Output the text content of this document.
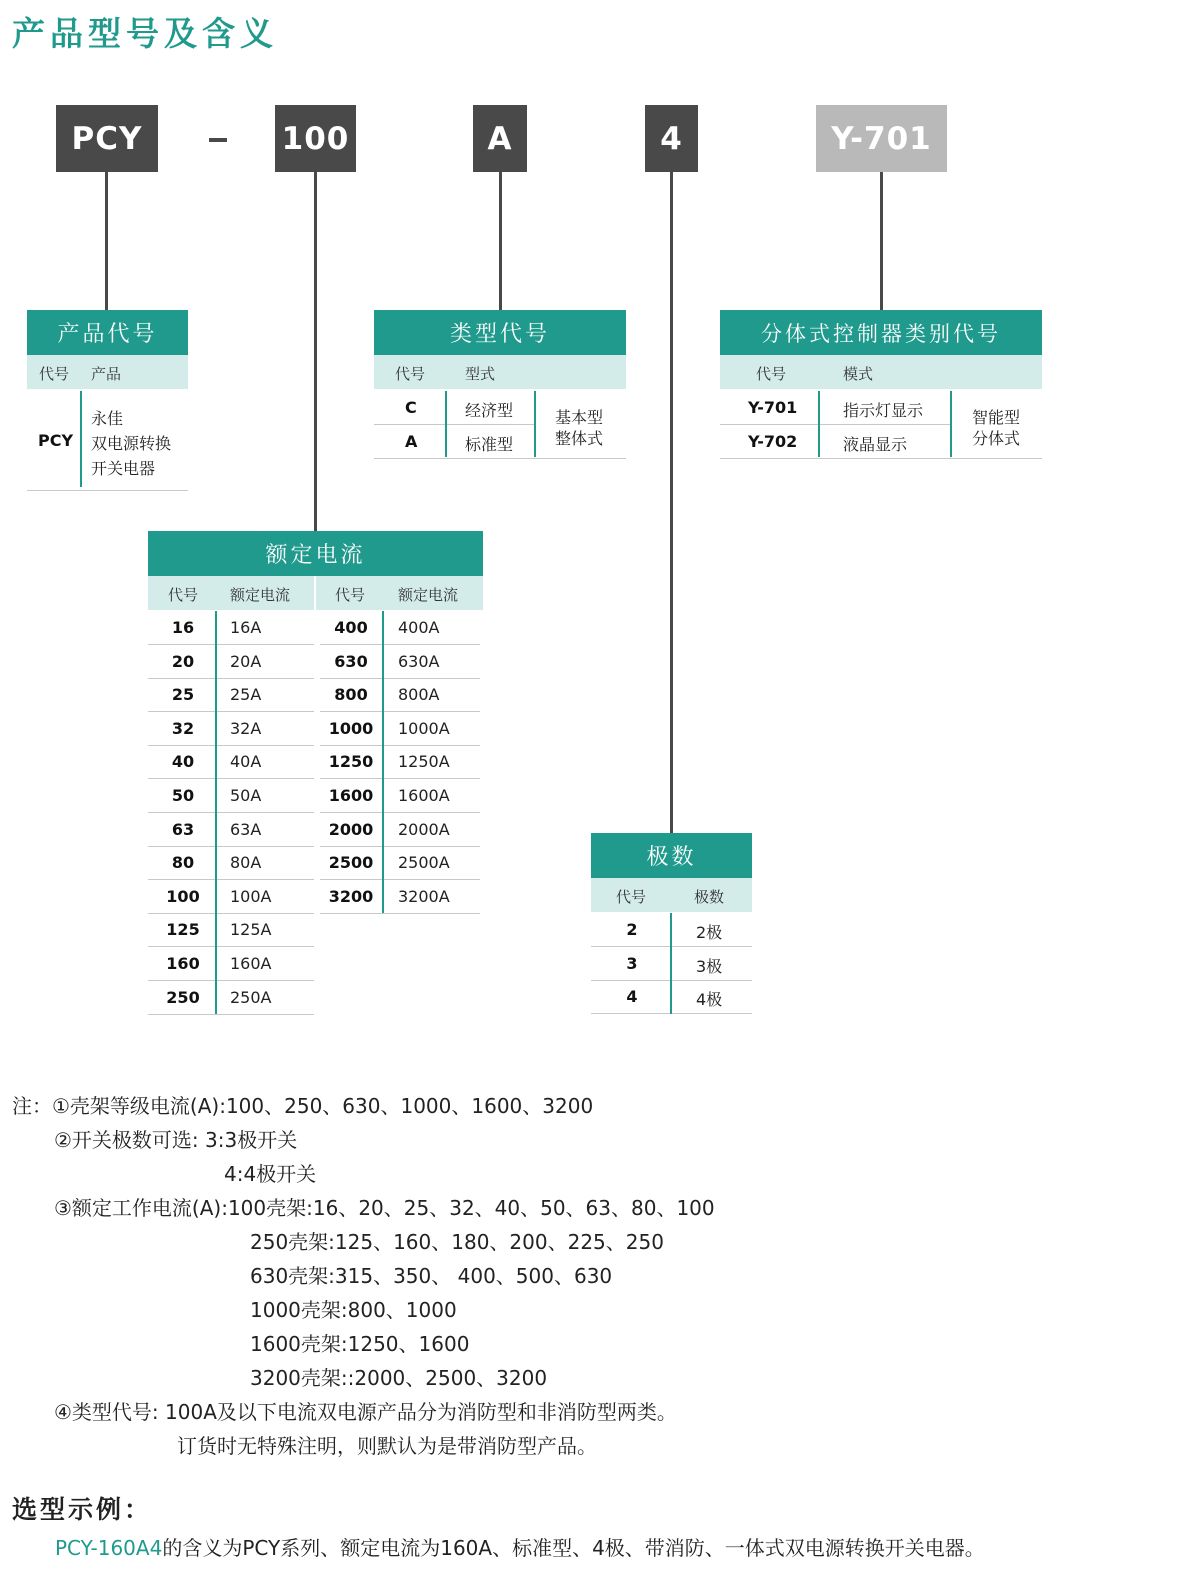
产品型号及含义
PCY	100	A	4	Y-701
产品代号
代号 产品
PCY
永佳
双电源转换
开关电器
类型代号
代号	型式
C	经济型
A	标准型
基本型
整体式
分体式控制器类别代号
代号	模式
Y-701	指示灯显示
Y-702	液晶显示
智能型
分体式
额定电流
代号 额定电流	代号 额定电流
16	16A
20	20A
25	25A
32	32A
40	40A
50	50A
63	63A
80	80A
100	100A
125	125A
160	160A
250	250A
400	400A
630	630A
800	800A
1000	1000A
1250	1250A
1600	1600A
2000	2000A
2500	2500A
3200	3200A
极数
代号	极数
2	2极
3	3极
4	4极
注：①壳架等级电流(A):100、250、630、1000、1600、3200
②开关极数可选: 3:3极开关
4:4极开关
③额定工作电流(A):100壳架:16、20、25、32、40、50、63、80、100
250壳架:125、160、180、200、225、250
630壳架:315、350、 400、500、630
1000壳架:800、1000
1600壳架:1250、1600
3200壳架::2000、2500、3200
④类型代号: 100A及以下电流双电源产品分为消防型和非消防型两类。
订货时无特殊注明，则默认为是带消防型产品。
选型示例：
PCY-160A4的含义为PCY系列、额定电流为160A、标准型、4极、带消防、一体式双电源转换开关电器。
